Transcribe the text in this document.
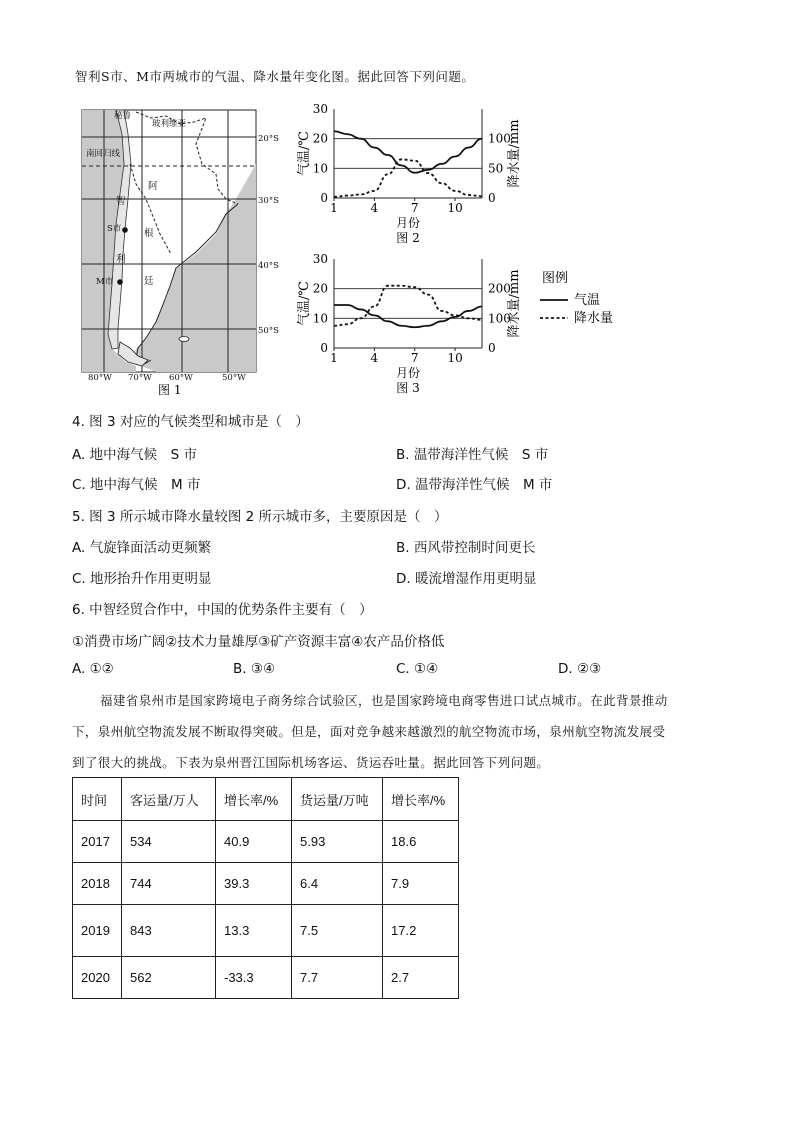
智利S市、M市两城市的气温、降水量年变化图。据此回答下列问题。
秘鲁
玻利维亚
南回归线
S市
M市
阿
智
根
利
廷
20°S
30°S
40°S
50°S
80°W 70°W 60°W	50°W
图 1
30
20
10
0
100
50
0
1	4	7 10
月份
图 2
气温/℃	降水量/mm
30
20
10
0
200
100
0
1	4	7 10
月份
图 3
气温/℃	降水量/mm 图例
气温
降水量
4. 图 3 对应的气候类型和城市是（　）
A. 地中海气候　S 市	B. 温带海洋性气候　S 市
C. 地中海气候　M 市	D. 温带海洋性气候　M 市
5. 图 3 所示城市降水量较图 2 所示城市多，主要原因是（　）
A. 气旋锋面活动更频繁	B. 西风带控制时间更长
C. 地形抬升作用更明显	D. 暖流增湿作用更明显
6. 中智经贸合作中，中国的优势条件主要有（　）
①消费市场广阔②技术力量雄厚③矿产资源丰富④农产品价格低
A. ①②	B. ③④	C. ①④	D. ②③
福建省泉州市是国家跨境电子商务综合试验区，也是国家跨境电商零售进口试点城市。在此背景推动
下，泉州航空物流发展不断取得突破。但是，面对竞争越来越激烈的航空物流市场，泉州航空物流发展受
到了很大的挑战。下表为泉州晋江国际机场客运、货运吞吐量。据此回答下列问题。
时间	客运量/万人	增长率/%	货运量/万吨	增长率/%
2017	534	40.9	5.93	18.6
2018	744	39.3	6.4	7.9
2019	843	13.3	7.5	17.2
2020	562	-33.3	7.7	2.7
